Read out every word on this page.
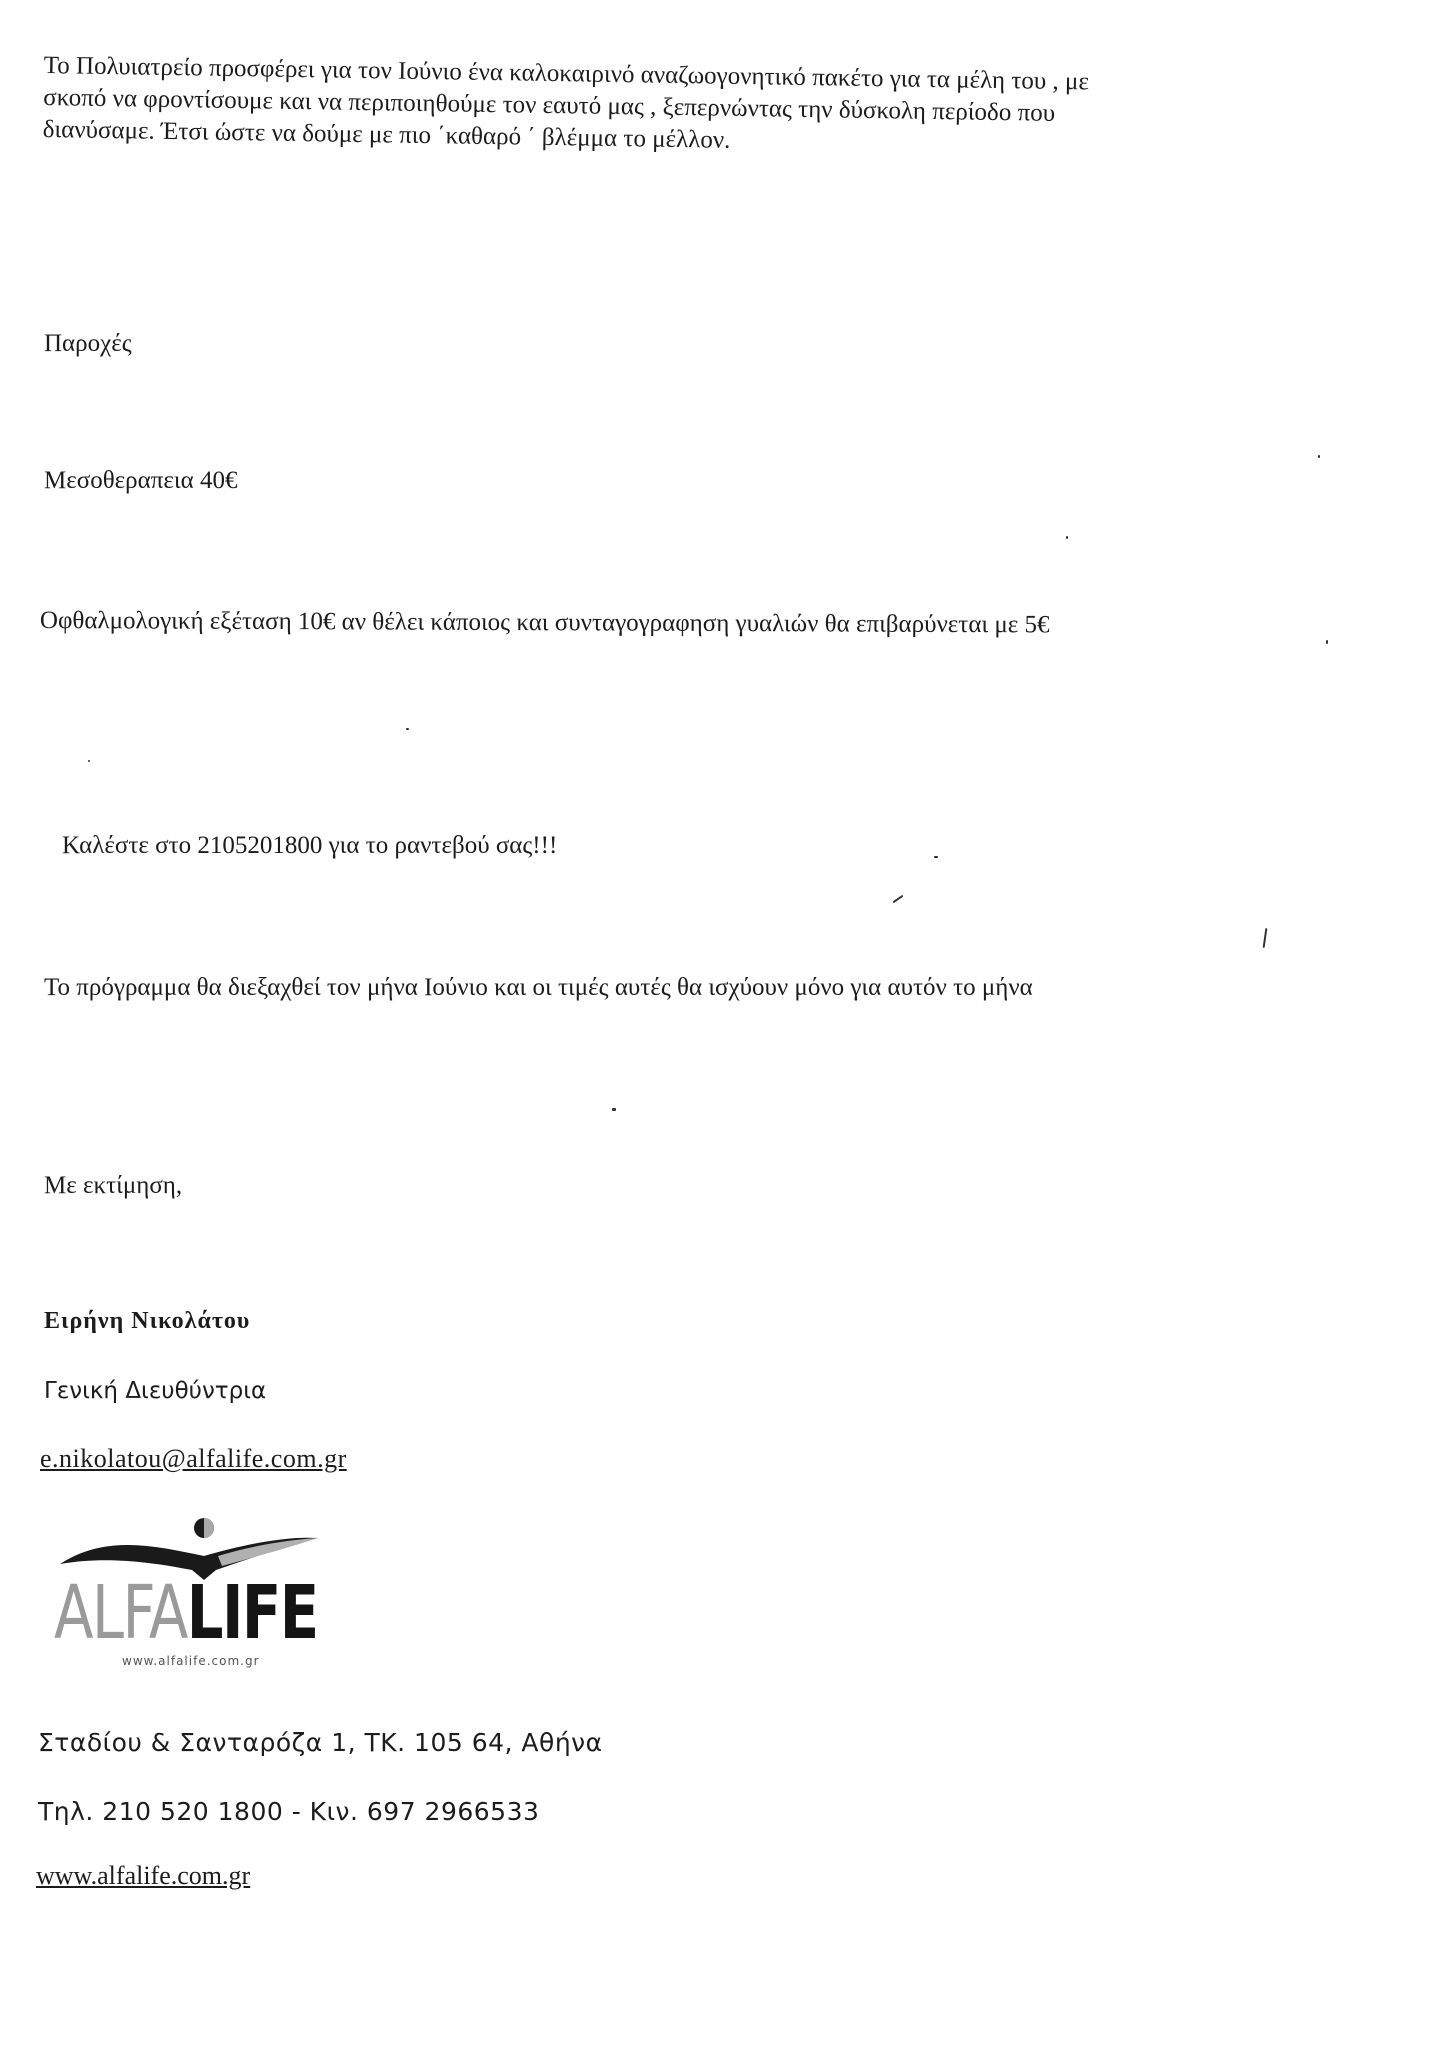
Το Πολυιατρείο προσφέρει για τον Ιούνιο ένα καλοκαιρινό αναζωογονητικό πακέτο για τα μέλη του , με

σκοπό να φροντίσουμε και να περιποιηθούμε τον εαυτό μας , ξεπερνώντας την δύσκολη περίοδο που

διανύσαμε. Έτσι ώστε να δούμε με πιο ΄καθαρό ΄ βλέμμα το μέλλον.

Παροχές
Μεσοθεραπεια 40€
Οφθαλμολογική εξέταση 10€ αν θέλει κάποιος και συνταγογραφηση γυαλιών θα επιβαρύνεται με 5€
Καλέστε στο 2105201800 για το ραντεβού σας!!!
Το πρόγραμμα θα διεξαχθεί τον μήνα Ιούνιο και οι τιμές αυτές θα ισχύουν μόνο για αυτόν το μήνα
Με εκτίμηση,
Ειρήνη Νικολάτου
Γενική Διευθύντρια
e.nikolatou@alfalife.com.gr
ALFALIFE
www.alfalife.com.gr
Σταδίου & Σανταρόζα 1, ΤΚ. 105 64, Αθήνα
Τηλ. 210 520 1800 - Κιν. 697 2966533
www.alfalife.com.gr
